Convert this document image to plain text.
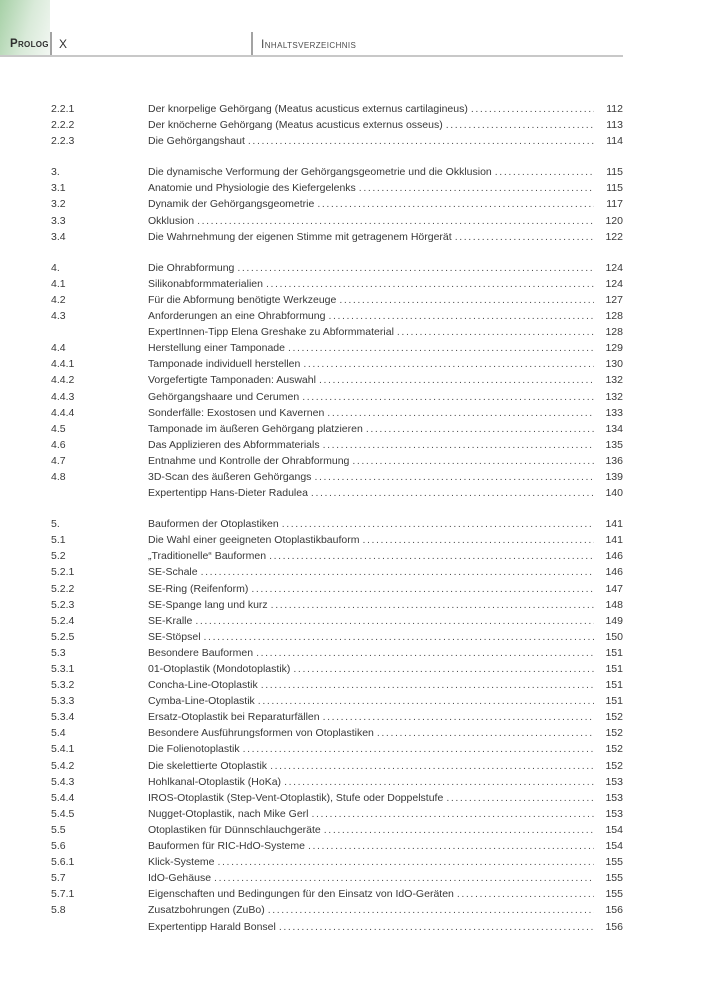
Prolog X	Inhaltsverzeichnis
2.2.1	Der knorpelige Gehörgang (Meatus acusticus externus cartilagineus) .....	112
2.2.2	Der knöcherne Gehörgang (Meatus acusticus externus osseus) .....	113
2.2.3	Die Gehörgangshaut .....	114
3.	Die dynamische Verformung der Gehörgangsgeometrie und die Okklusion .....	115
3.1	Anatomie und Physiologie des Kiefergelenks .....	115
3.2	Dynamik der Gehörgangsgeometrie .....	117
3.3	Okklusion .....	120
3.4	Die Wahrnehmung der eigenen Stimme mit getragenem Hörgerät .....	122
4.	Die Ohrabformung .....	124
4.1	Silikonabformmaterialien .....	124
4.2	Für die Abformung benötigte Werkzeuge .....	127
4.3	Anforderungen an eine Ohrabformung .....	128
ExpertInnen-Tipp Elena Greshake zu Abformmaterial .....	128
4.4	Herstellung einer Tamponade .....	129
4.4.1	Tamponade individuell herstellen .....	130
4.4.2	Vorgefertigte Tamponaden: Auswahl .....	132
4.4.3	Gehörgangshaare und Cerumen .....	132
4.4.4	Sonderfälle: Exostosen und Kavernen .....	133
4.5	Tamponade im äußeren Gehörgang platzieren .....	134
4.6	Das Applizieren des Abformmaterials .....	135
4.7	Entnahme und Kontrolle der Ohrabformung .....	136
4.8	3D-Scan des äußeren Gehörgangs .....	139
Expertentipp Hans-Dieter Radulea .....	140
5.	Bauformen der Otoplastiken .....	141
5.1	Die Wahl einer geeigneten Otoplastikbauform .....	141
5.2	„Traditionelle“ Bauformen .....	146
5.2.1	SE-Schale .....	146
5.2.2	SE-Ring (Reifenform) .....	147
5.2.3	SE-Spange lang und kurz .....	148
5.2.4	SE-Kralle .....	149
5.2.5	SE-Stöpsel .....	150
5.3	Besondere Bauformen .....	151
5.3.1	01-Otoplastik (Mondotoplastik) .....	151
5.3.2	Concha-Line-Otoplastik .....	151
5.3.3	Cymba-Line-Otoplastik .....	151
5.3.4	Ersatz-Otoplastik bei Reparaturfällen .....	152
5.4	Besondere Ausführungsformen von Otoplastiken .....	152
5.4.1	Die Folienotoplastik .....	152
5.4.2	Die skelettierte Otoplastik .....	152
5.4.3	Hohlkanal-Otoplastik (HoKa) .....	153
5.4.4	IROS-Otoplastik (Step-Vent-Otoplastik), Stufe oder Doppelstufe .....	153
5.4.5	Nugget-Otoplastik, nach Mike Gerl .....	153
5.5	Otoplastiken für Dünnschlauchgeräte .....	154
5.6	Bauformen für RIC-HdO-Systeme .....	154
5.6.1	Klick-Systeme .....	155
5.7	IdO-Gehäuse .....	155
5.7.1	Eigenschaften und Bedingungen für den Einsatz von IdO-Geräten .....	155
5.8	Zusatzbohrungen (ZuBo) .....	156
Expertentipp Harald Bonsel .....	156
